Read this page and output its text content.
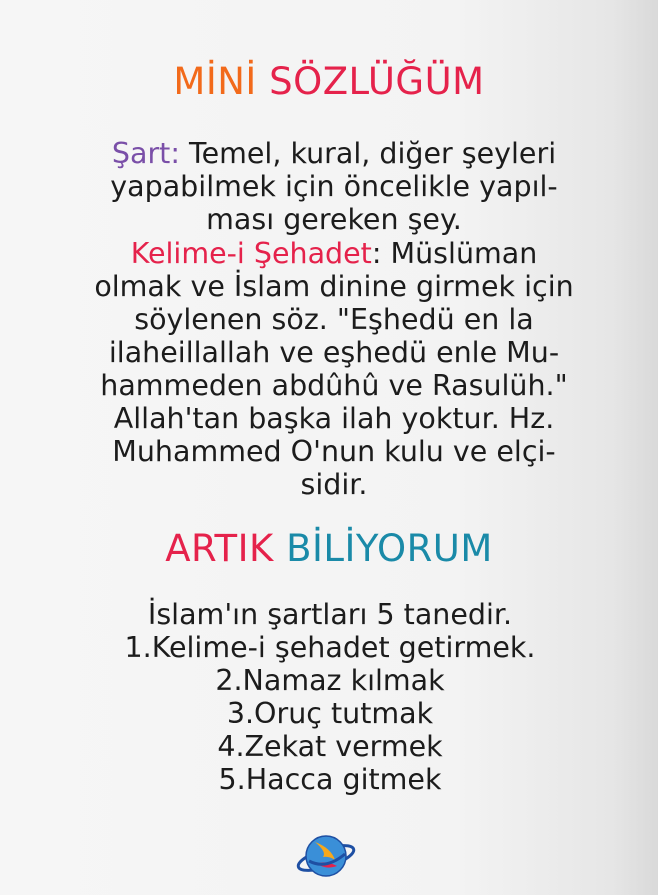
MİNİ SÖZLÜĞÜM
Şart: Temel, kural, diğer şeyleri yapabilmek için öncelikle yapıl-ması gereken şey.
Kelime-i Şehadet: Müslüman olmak ve İslam dinine girmek için söylenen söz. "Eşhedü en la ilaheillallah ve eşhedü enle Mu-hammeden abdûhû ve Rasulüh." Allah'tan başka ilah yoktur. Hz. Muhammed O'nun kulu ve elçi-sidir.
ARTIK BİLİYORUM
İslam'ın şartları 5 tanedir.
1.Kelime-i şehadet getirmek.
2.Namaz kılmak
3.Oruç tutmak
4.Zekat vermek
5.Hacca gitmek
